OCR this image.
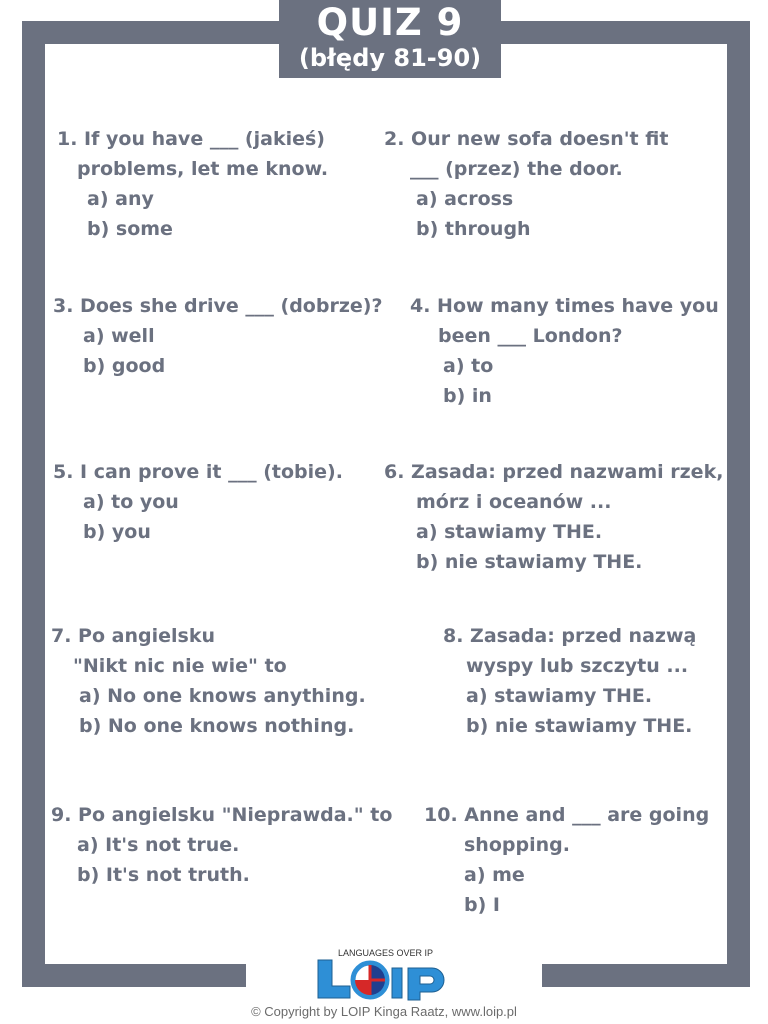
QUIZ 9
(błędy 81-90)
1. If you have ___ (jakieś)
problems, let me know.
a) any
b) some
2. Our new sofa doesn't fit
___ (przez) the door.
a) across
b) through
3. Does she drive ___ (dobrze)?
a) well
b) good
4. How many times have you
been ___ London?
a) to
b) in
5. I can prove it ___ (tobie).
a) to you
b) you
6. Zasada: przed nazwami rzek,
mórz i oceanów ...
a) stawiamy THE.
b) nie stawiamy THE.
7. Po angielsku
"Nikt nic nie wie" to
a) No one knows anything.
b) No one knows nothing.
8. Zasada: przed nazwą
wyspy lub szczytu ...
a) stawiamy THE.
b) nie stawiamy THE.
9. Po angielsku "Nieprawda." to
a) It's not true.
b) It's not truth.
10. Anne and ___ are going
shopping.
a) me
b) I
LANGUAGES OVER IP
© Copyright by LOIP Kinga Raatz, www.loip.pl
